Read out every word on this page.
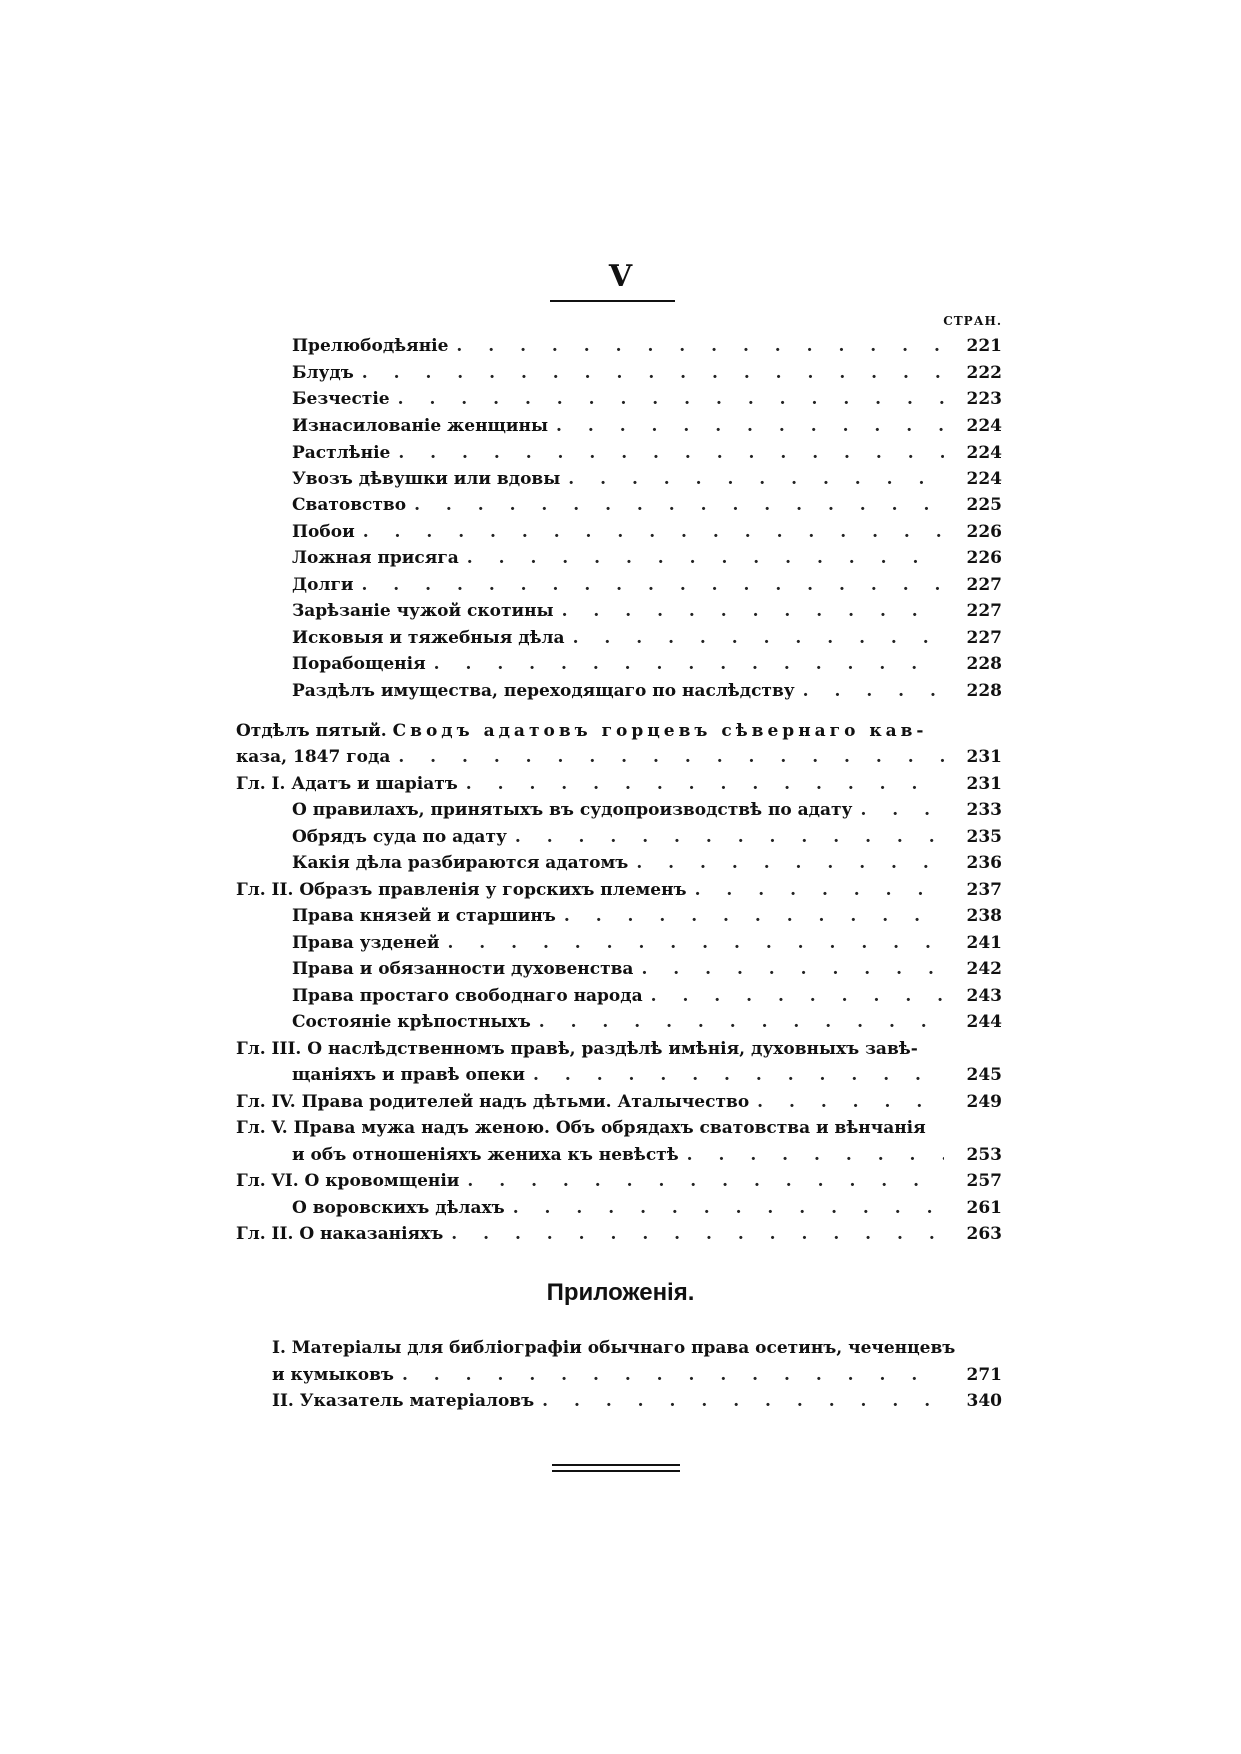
V
СТРАН.
Прелюбодѣяніе . . .	221
Блудъ . . .	222
Безчестіе . . .	223
Изнасилованіе женщины . . .	224
Растлѣніе . . .	224
Увозъ дѣвушки или вдовы . . .	224
Сватовство . . .	225
Побои . . .	226
Ложная присяга . . .	226
Долги . . .	227
Зарѣзаніе чужой скотины . . .	227
Исковыя и тяжебныя дѣла . . .	227
Порабощенія . . .	228
Раздѣлъ имущества, переходящаго по наслѣдству . . .	228
Отдѣлъ пятый. Сводъ адатовъ горцевъ сѣвернаго кав-
каза, 1847 года . . .	231
Гл. I. Адатъ и шаріатъ . . .	231
О правилахъ, принятыхъ въ судопроизводствѣ по адату . . .	233
Обрядъ суда по адату . . .	235
Какія дѣла разбираются адатомъ . . .	236
Гл. II. Образъ правленія у горскихъ племенъ . . .	237
Права князей и старшинъ . . .	238
Права узденей . . .	241
Права и обязанности духовенства . . .	242
Права простаго свободнаго народа . . .	243
Состояніе крѣпостныхъ . . .	244
Гл. III. О наслѣдственномъ правѣ, раздѣлѣ имѣнія, духовныхъ завѣ-
щаніяхъ и правѣ опеки . . .	245
Гл. IV. Права родителей надъ дѣтьми. Аталычество . . .	249
Гл. V. Права мужа надъ женою. Объ обрядахъ сватовства и вѣнчанія
и объ отношеніяхъ жениха къ невѣстѣ . . .	253
Гл. VI. О кровомщеніи . . .	257
О воровскихъ дѣлахъ . . .	261
Гл. II. О наказаніяхъ . . .	263
Приложенія.
I. Матеріалы для библіографіи обычнаго права осетинъ, чеченцевъ
и кумыковъ . . .	271
II. Указатель матеріаловъ . . .	340
